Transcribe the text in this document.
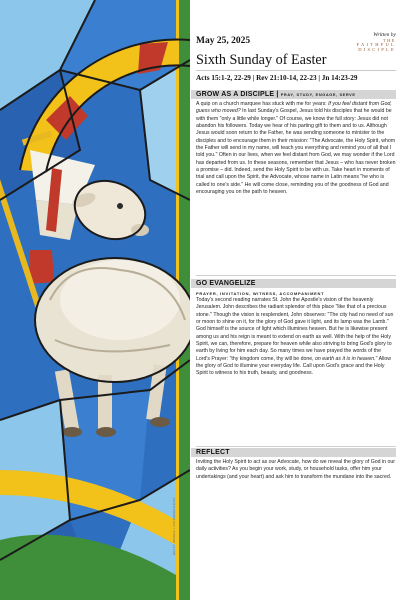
GETTY IMAGES / ZVONIMIRATLETIC
May 25, 2025
Written by
THE
FAITHFUL
DISCIPLE
Sixth Sunday of Easter
Acts 15:1-2, 22-29 | Rev 21:10-14, 22-23 | Jn 14:23-29
GROW AS A DISCIPLE | PRAY, STUDY, ENGAGE, SERVE
A quip on a church marquee has stuck with me for years: If you feel distant from God, guess who moved? In last Sunday's Gospel, Jesus told his disciples that he would be with them "only a little while longer." Of course, we know the full story: Jesus did not abandon his followers. Today we hear of his parting gift to them and to us. Although Jesus would soon return to the Father, he was sending someone to minister to the disciples and to encourage them in their mission: "The Advocate, the Holy Spirit, whom the Father will send in my name, will teach you everything and remind you of all that I told you." Often in our lives, when we feel distant from God, we may wonder if the Lord has departed from us. In these seasons, remember that Jesus – who has never broken a promise – did. Indeed, send the Holy Spirit to be with us. Take heart in moments of trial and call upon the Spirit, the Advocate, whose name in Latin means "he who is called to one's side." He will come close, reminding you of the goodness of God and encouraging you on the path to heaven.
GO EVANGELIZE
PRAYER, INVITATION, WITNESS, ACCOMPANIMENT
Today's second reading narrates St. John the Apostle's vision of the heavenly Jerusalem. John describes the radiant splendor of this place "like that of a precious stone." Though the vision is resplendent, John observes: "The city had no need of sun or moon to shine on it, for the glory of God gave it light, and its lamp was the Lamb." God himself is the source of light which illumines heaven. But he is likewise present among us and his reign is meant to extend on earth as well. With the help of the Holy Spirit, we can, therefore, prepare for heaven while also striving to bring God's glory to earth by living for him each day. So many times we have prayed the words of the Lord's Prayer: "thy kingdom come, thy will be done, on earth as it is in heaven." Allow the glory of God to illumine your everyday life. Call upon God's grace and the Holy Spirit to witness to his truth, beauty, and goodness.
REFLECT
Inviting the Holy Spirit to act as our Advocate, how do we reveal the glory of God in our daily activities? As you begin your work, study, or household tasks, offer him your undertakings (and your heart) and ask him to transform the mundane into the sacred.
